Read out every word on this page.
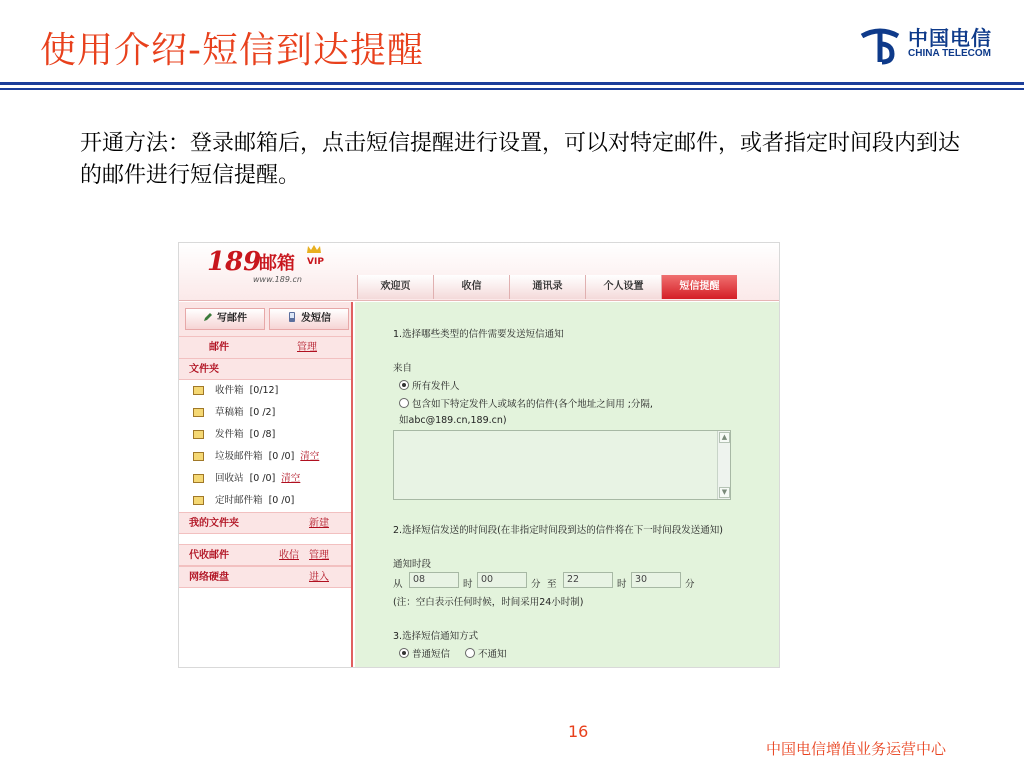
使用介绍-短信到达提醒	中国电信
CHINA TELECOM
开通方法：登录邮箱后，点击短信提醒进行设置，可以对特定邮件，或者指定时间段内到达的邮件进行短信提醒。
189
邮箱 VIP
www.189.cn
欢迎页	收信	通讯录	个人设置	短信提醒
写邮件	发短信
邮件	管理
文件夹
收件箱 [0/12]
草稿箱 [0 /2]
发件箱 [0 /8]
垃圾邮件箱 [0 /0] 清空
回收站 [0 /0] 清空
定时邮件箱 [0 /0]
我的文件夹	新建
代收邮件	收信 管理
网络硬盘	进入
1.选择哪些类型的信件需要发送短信通知
来自
所有发件人
包含如下特定发件人或域名的信件(各个地址之间用 ;分隔,
如abc@189.cn,189.cn)
▲
▼
2.选择短信发送的时间段(在非指定时间段到达的信件将在下一时间段发送通知)
通知时段
从	08	时 00	分 至	22	时 30	分
(注：空白表示任何时候，时间采用24小时制)
3.选择短信通知方式
普通短信	不通知
16
中国电信增值业务运营中心
